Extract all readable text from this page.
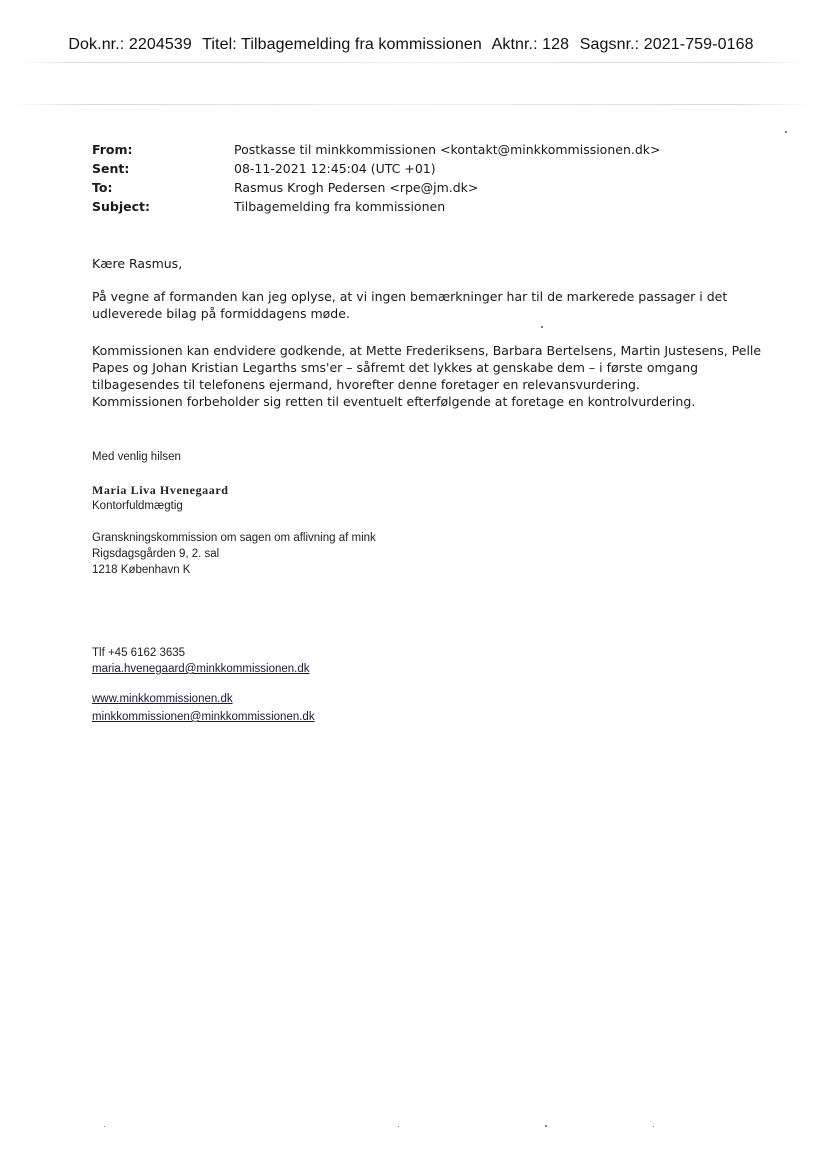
Dok.nr.: 2204539 Titel: Tilbagemelding fra kommissionen Aktnr.: 128 Sagsnr.: 2021-759-0168
From:	Postkasse til minkkommissionen <kontakt@minkkommissionen.dk>
Sent:	08-11-2021 12:45:04 (UTC +01)
To:	Rasmus Krogh Pedersen <rpe@jm.dk>
Subject:	Tilbagemelding fra kommissionen
Kære Rasmus,
På vegne af formanden kan jeg oplyse, at vi ingen bemærkninger har til de markerede passager i det
udleverede bilag på formiddagens møde.
Kommissionen kan endvidere godkende, at Mette Frederiksens, Barbara Bertelsens, Martin Justesens, Pelle
Papes og Johan Kristian Legarths sms'er – såfremt det lykkes at genskabe dem – i første omgang
tilbagesendes til telefonens ejermand, hvorefter denne foretager en relevansvurdering.
Kommissionen forbeholder sig retten til eventuelt efterfølgende at foretage en kontrolvurdering.
Med venlig hilsen
Maria Liva Hvenegaard
Kontorfuldmægtig
Granskningskommission om sagen om aflivning af mink
Rigsdagsgården 9, 2. sal
1218 København K
Tlf +45 6162 3635
maria.hvenegaard@minkkommissionen.dk
www.minkkommissionen.dk
minkkommissionen@minkkommissionen.dk
